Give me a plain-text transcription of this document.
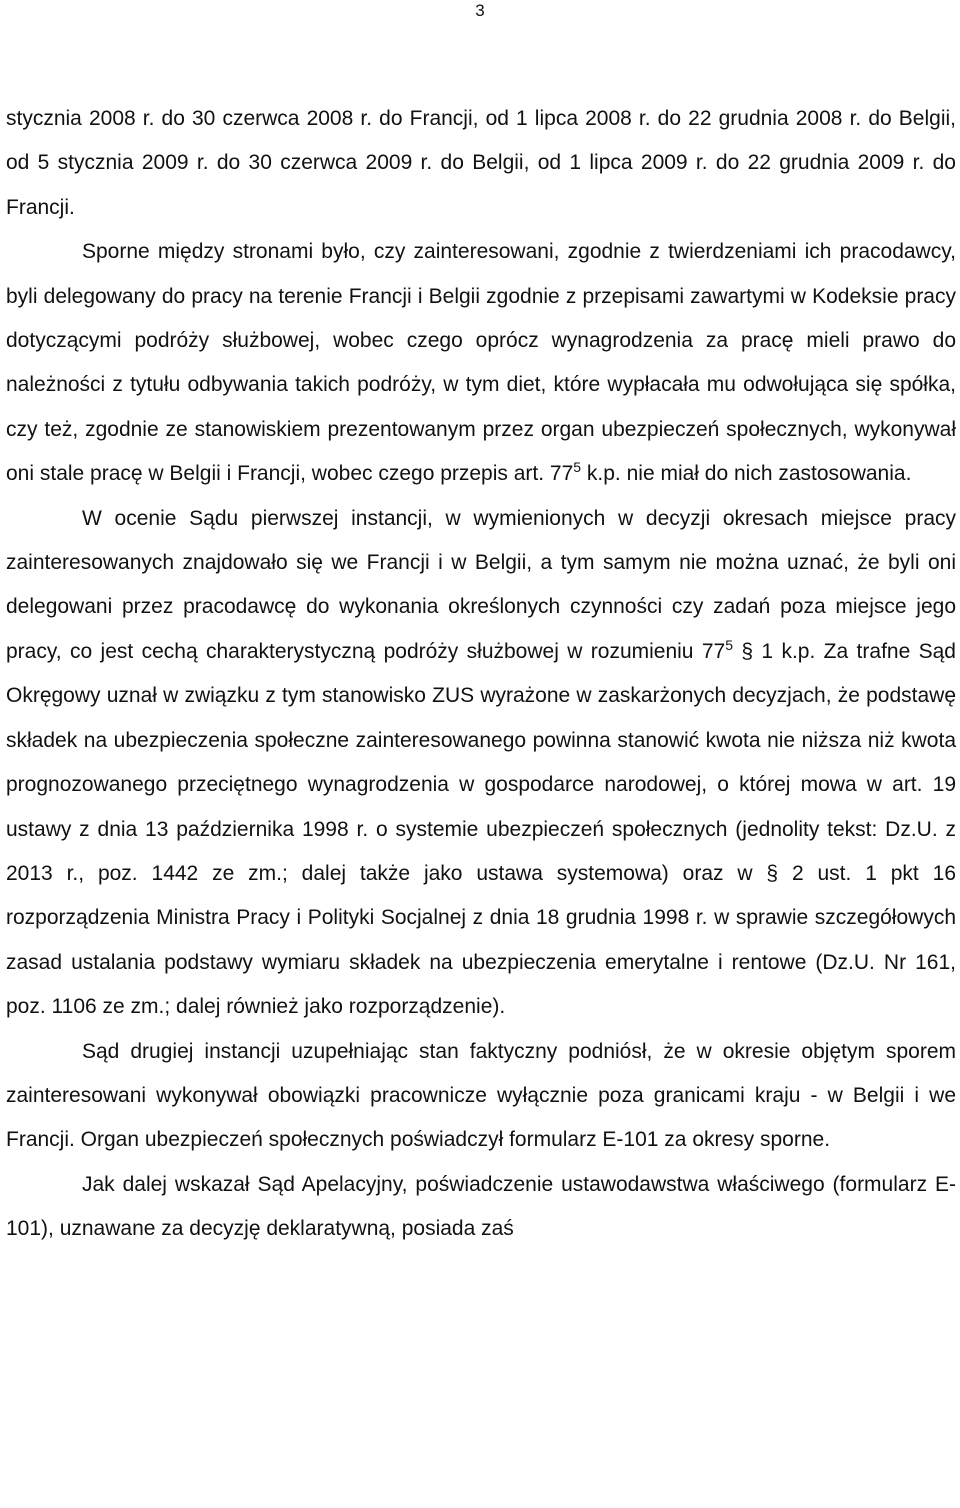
3

stycznia 2008 r. do 30 czerwca 2008 r. do Francji, od 1 lipca 2008 r. do 22 grudnia 2008 r. do Belgii, od 5 stycznia 2009 r. do 30 czerwca 2009 r. do Belgii, od 1 lipca 2009 r. do 22 grudnia 2009 r. do Francji.

Sporne między stronami było, czy zainteresowani, zgodnie z twierdzeniami ich pracodawcy, byli delegowany do pracy na terenie Francji i Belgii zgodnie z przepisami zawartymi w Kodeksie pracy dotyczącymi podróży służbowej, wobec czego oprócz wynagrodzenia za pracę mieli prawo do należności z tytułu odbywania takich podróży, w tym diet, które wypłacała mu odwołująca się spółka, czy też, zgodnie ze stanowiskiem prezentowanym przez organ ubezpieczeń społecznych, wykonywał oni stale pracę w Belgii i Francji, wobec czego przepis art. $77^5$ k.p. nie miał do nich zastosowania.

W ocenie Sądu pierwszej instancji, w wymienionych w decyzji okresach miejsce pracy zainteresowanych znajdowało się we Francji i w Belgii, a tym samym nie można uznać, że byli oni delegowani przez pracodawcę do wykonania określonych czynności czy zadań poza miejsce jego pracy, co jest cechą charakterystyczną podróży służbowej w rozumieniu $77^5$ § 1 k.p. Za trafne Sąd Okręgowy uznał w związku z tym stanowisko ZUS wyrażone w zaskarżonych decyzjach, że podstawę składek na ubezpieczenia społeczne zainteresowanego powinna stanowić kwota nie niższa niż kwota prognozowanego przeciętnego wynagrodzenia w gospodarce narodowej, o której mowa w art. 19 ustawy z dnia 13 października 1998 r. o systemie ubezpieczeń społecznych (jednolity tekst: Dz.U. z 2013 r., poz. 1442 ze zm.; dalej także jako ustawa systemowa) oraz w § 2 ust. 1 pkt 16 rozporządzenia Ministra Pracy i Polityki Socjalnej z dnia 18 grudnia 1998 r. w sprawie szczegółowych zasad ustalania podstawy wymiaru składek na ubezpieczenia emerytalne i rentowe (Dz.U. Nr 161, poz. 1106 ze zm.; dalej również jako rozporządzenie).

Sąd drugiej instancji uzupełniając stan faktyczny podniósł, że w okresie objętym sporem zainteresowani wykonywał obowiązki pracownicze wyłącznie poza granicami kraju - w Belgii i we Francji. Organ ubezpieczeń społecznych poświadczył formularz E-101 za okresy sporne.

Jak dalej wskazał Sąd Apelacyjny, poświadczenie ustawodawstwa właściwego (formularz E-101), uznawane za decyzję deklaratywną, posiada zaś
